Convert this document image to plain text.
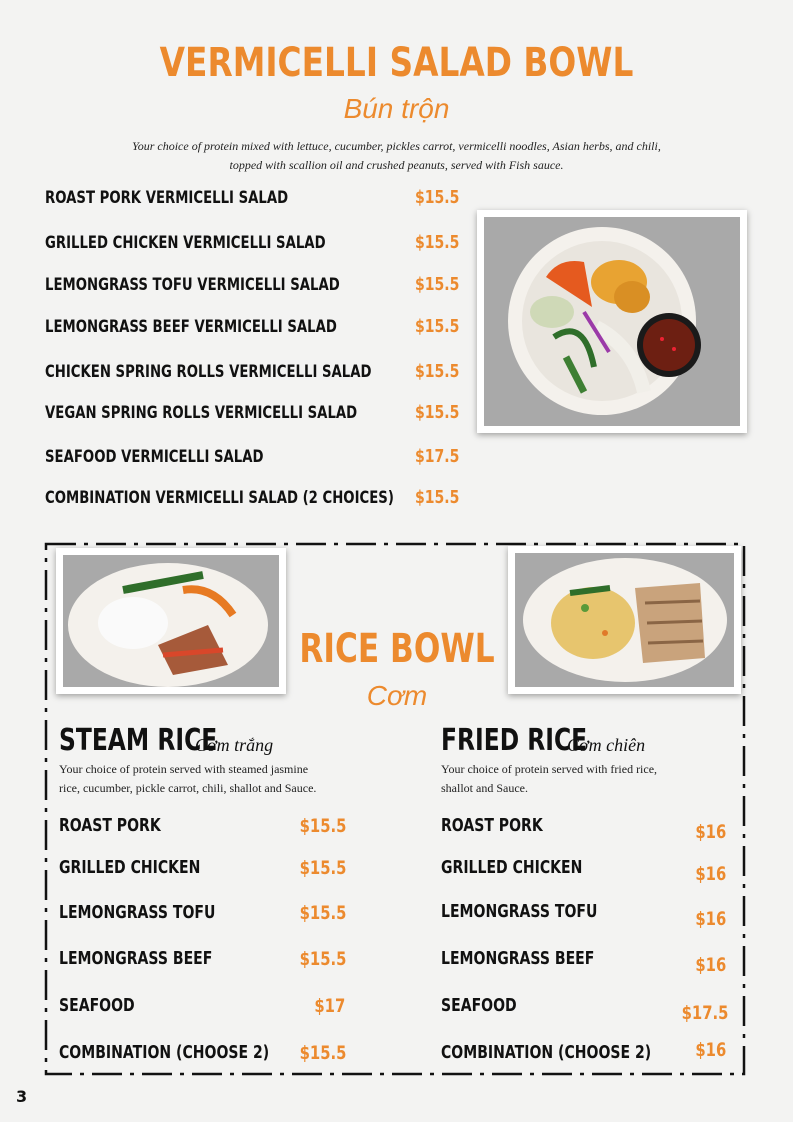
VERMICELLI SALAD BOWL
Bún trộn
Your choice of protein mixed with lettuce, cucumber, pickles carrot, vermicelli noodles, Asian herbs, and chili,
topped with scallion oil and crushed peanuts, served with Fish sauce.
ROAST PORK VERMICELLI SALAD	$15.5
GRILLED CHICKEN VERMICELLI SALAD	$15.5
LEMONGRASS TOFU VERMICELLI SALAD	$15.5
LEMONGRASS BEEF VERMICELLI SALAD	$15.5
CHICKEN SPRING ROLLS VERMICELLI SALAD $15.5
VEGAN SPRING ROLLS VERMICELLI SALAD	$15.5
SEAFOOD VERMICELLI SALAD	$17.5
COMBINATION VERMICELLI SALAD (2 CHOICES) $15.5
RICE BOWL
Cơm
STEAM RICE
Cơm trắng
Your choice of protein served with steamed jasmine
rice, cucumber, pickle carrot, chili, shallot and Sauce.
ROAST PORK	$15.5
GRILLED CHICKEN	$15.5
LEMONGRASS TOFU	$15.5
LEMONGRASS BEEF	$15.5
SEAFOOD	$17
COMBINATION (CHOOSE 2) $15.5
FRIED RICE
Cơm chiên
Your choice of protein served with fried rice,
shallot and Sauce.
ROAST PORK	$16
GRILLED CHICKEN	$16
LEMONGRASS TOFU	$16
LEMONGRASS BEEF	$16
SEAFOOD	$17.5
COMBINATION (CHOOSE 2) $16
3
